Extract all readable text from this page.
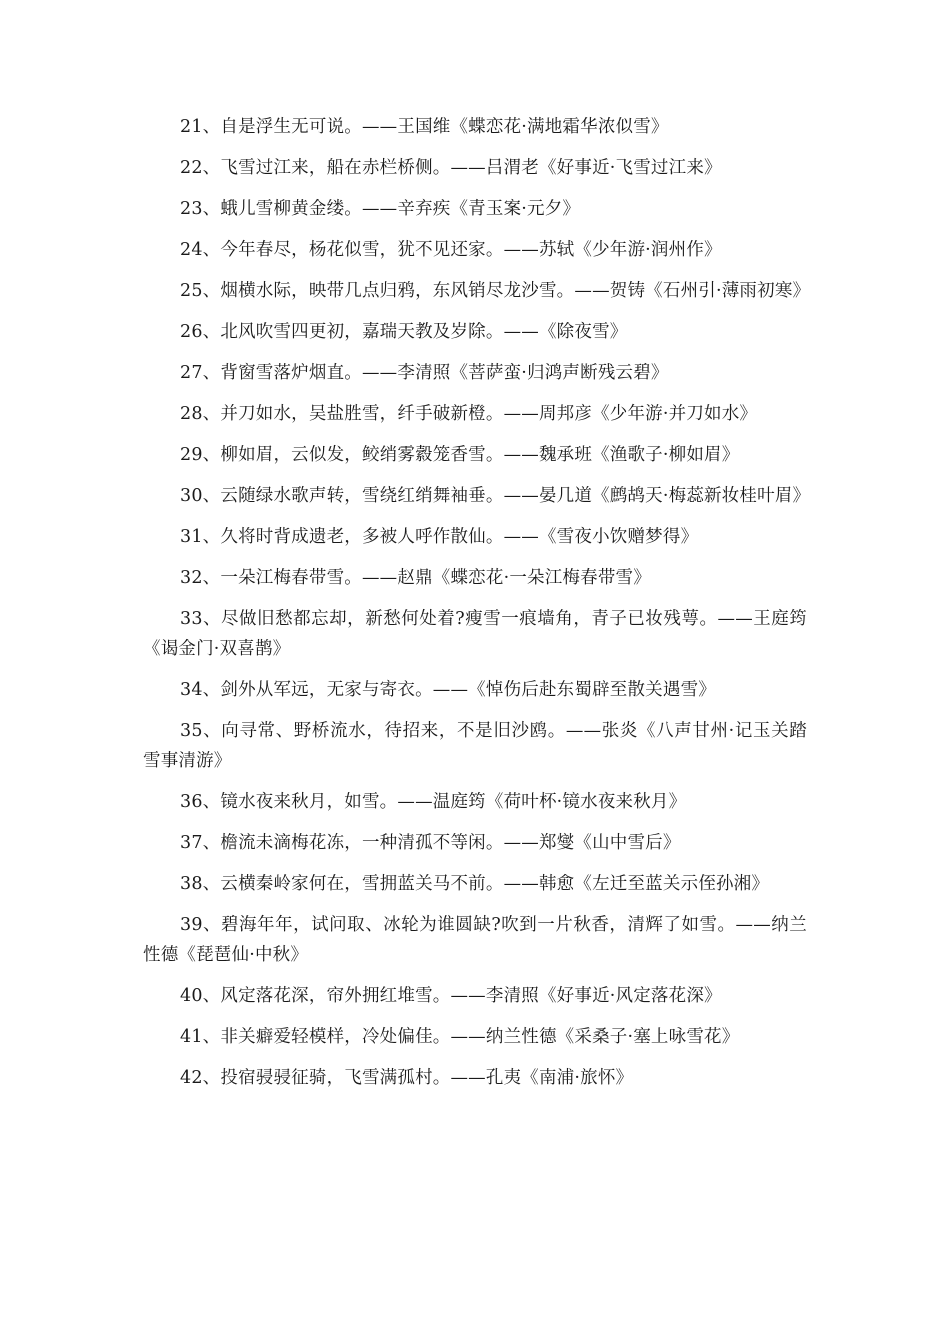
21、自是浮生无可说。——王国维《蝶恋花·满地霜华浓似雪》

22、飞雪过江来，船在赤栏桥侧。——吕渭老《好事近·飞雪过江来》

23、蛾儿雪柳黄金缕。——辛弃疾《青玉案·元夕》

24、今年春尽，杨花似雪，犹不见还家。——苏轼《少年游·润州作》

25、烟横水际，映带几点归鸦，东风销尽龙沙雪。——贺铸《石州引·薄雨初寒》

26、北风吹雪四更初，嘉瑞天教及岁除。——《除夜雪》

27、背窗雪落炉烟直。——李清照《菩萨蛮·归鸿声断残云碧》

28、并刀如水，吴盐胜雪，纤手破新橙。——周邦彦《少年游·并刀如水》

29、柳如眉，云似发，鲛绡雾縠笼香雪。——魏承班《渔歌子·柳如眉》

30、云随绿水歌声转，雪绕红绡舞袖垂。——晏几道《鹧鸪天·梅蕊新妆桂叶眉》

31、久将时背成遗老，多被人呼作散仙。——《雪夜小饮赠梦得》

32、一朵江梅春带雪。——赵鼎《蝶恋花·一朵江梅春带雪》

33、尽做旧愁都忘却，新愁何处着?瘦雪一痕墙角，青子已妆残萼。——王庭筠《谒金门·双喜鹊》

34、剑外从军远，无家与寄衣。——《悼伤后赴东蜀辟至散关遇雪》

35、向寻常、野桥流水，待招来，不是旧沙鸥。——张炎《八声甘州·记玉关踏雪事清游》

36、镜水夜来秋月，如雪。——温庭筠《荷叶杯·镜水夜来秋月》

37、檐流未滴梅花冻，一种清孤不等闲。——郑燮《山中雪后》

38、云横秦岭家何在，雪拥蓝关马不前。——韩愈《左迁至蓝关示侄孙湘》

39、碧海年年，试问取、冰轮为谁圆缺?吹到一片秋香，清辉了如雪。——纳兰性德《琵琶仙·中秋》

40、风定落花深，帘外拥红堆雪。——李清照《好事近·风定落花深》

41、非关癖爱轻模样，冷处偏佳。——纳兰性德《采桑子·塞上咏雪花》

42、投宿骎骎征骑，飞雪满孤村。——孔夷《南浦·旅怀》
